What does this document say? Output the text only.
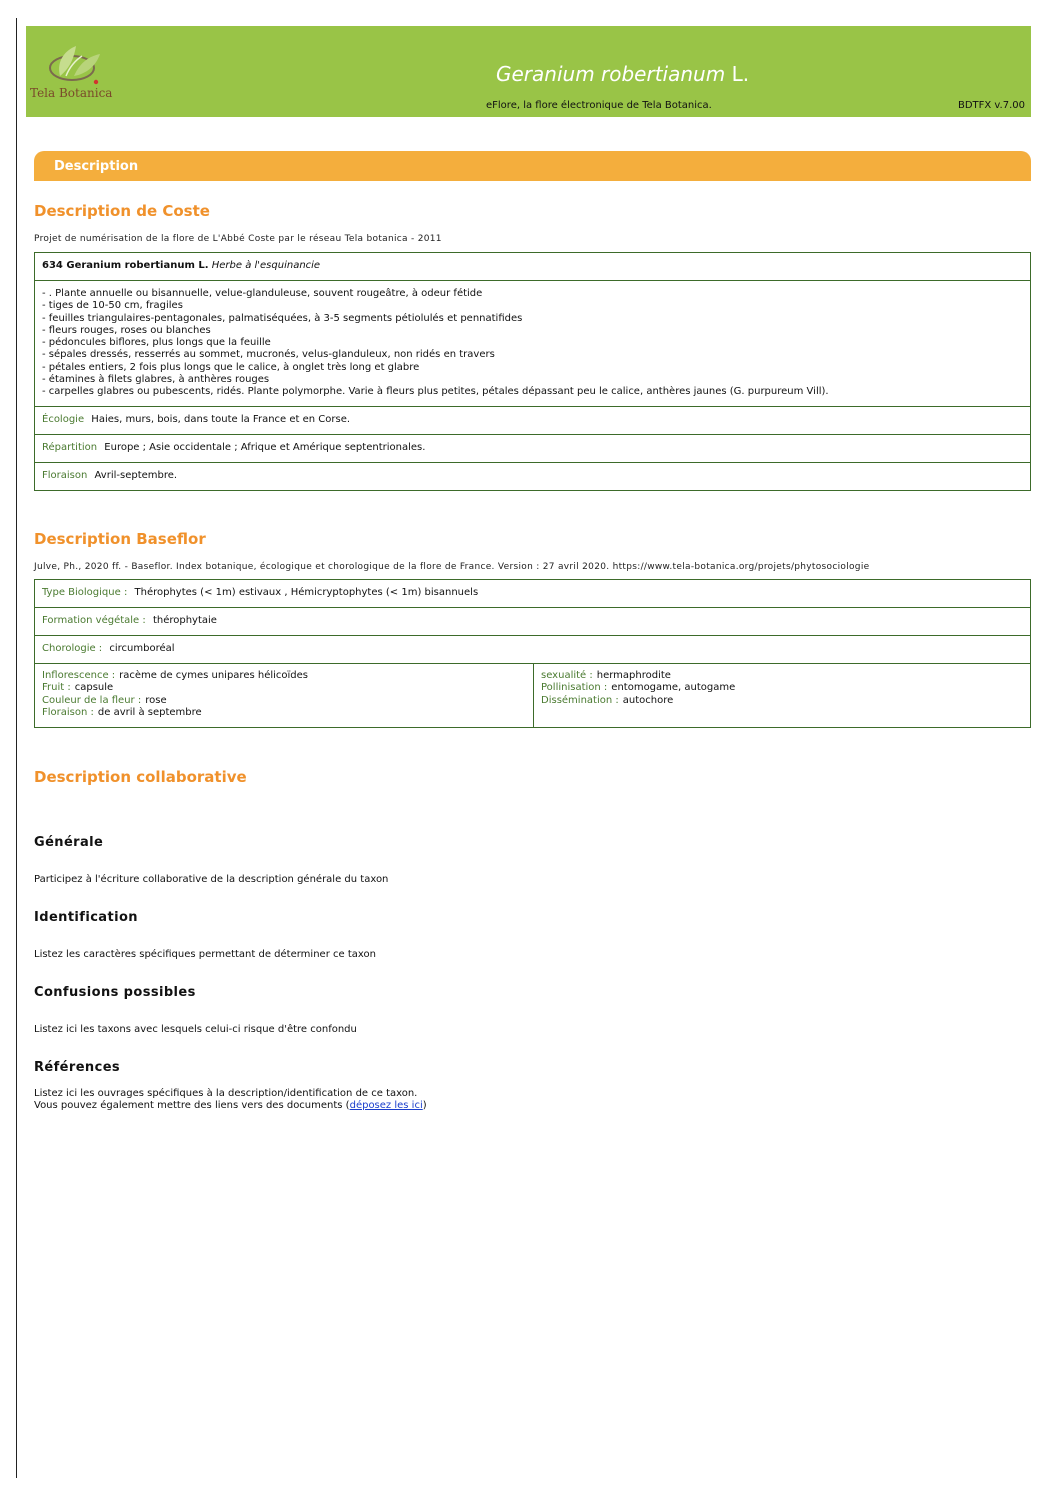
Tela Botanica
Geranium robertianum L.
eFlore, la flore électronique de Tela Botanica.	BDTFX v.7.00
Description
Description de Coste
Projet de numérisation de la flore de L'Abbé Coste par le réseau Tela botanica - 2011
634 Geranium robertianum L. Herbe à l'esquinancie
- . Plante annuelle ou bisannuelle, velue-glanduleuse, souvent rougeâtre, à odeur fétide
- tiges de 10-50 cm, fragiles
- feuilles triangulaires-pentagonales, palmatiséquées, à 3-5 segments pétiolulés et pennatifides
- fleurs rouges, roses ou blanches
- pédoncules biflores, plus longs que la feuille
- sépales dressés, resserrés au sommet, mucronés, velus-glanduleux, non ridés en travers
- pétales entiers, 2 fois plus longs que le calice, à onglet très long et glabre
- étamines à filets glabres, à anthères rouges
- carpelles glabres ou pubescents, ridés. Plante polymorphe. Varie à fleurs plus petites, pétales dépassant peu le calice, anthères jaunes (G. purpureum Vill).
Écologie Haies, murs, bois, dans toute la France et en Corse.
Répartition Europe ; Asie occidentale ; Afrique et Amérique septentrionales.
Floraison Avril-septembre.
Description Baseflor
Julve, Ph., 2020 ff. - Baseflor. Index botanique, écologique et chorologique de la flore de France. Version : 27 avril 2020. https://www.tela-botanica.org/projets/phytosociologie
Type Biologique : Thérophytes (< 1m) estivaux , Hémicryptophytes (< 1m) bisannuels
Formation végétale : thérophytaie
Chorologie : circumboréal
Inflorescence : racème de cymes unipares hélicoïdes
Fruit : capsule
Couleur de la fleur : rose
Floraison : de avril à septembre
sexualité : hermaphrodite
Pollinisation : entomogame, autogame
Dissémination : autochore
Description collaborative
Générale
Participez à l'écriture collaborative de la description générale du taxon
Identification
Listez les caractères spécifiques permettant de déterminer ce taxon
Confusions possibles
Listez ici les taxons avec lesquels celui-ci risque d'être confondu
Références
Listez ici les ouvrages spécifiques à la description/identification de ce taxon.
Vous pouvez également mettre des liens vers des documents (déposez les ici)
